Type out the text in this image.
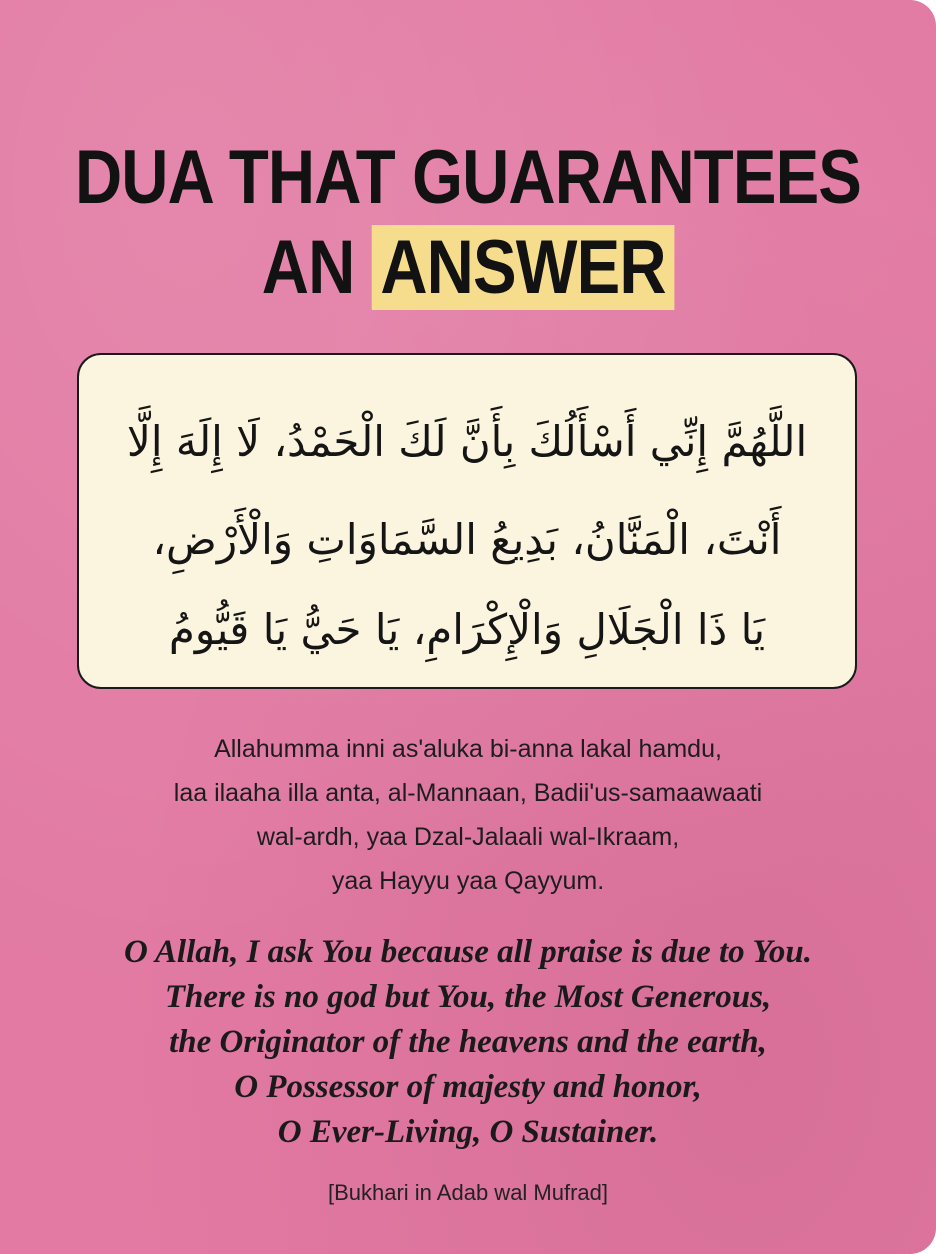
DUA THAT GUARANTEES
AN ANSWER

اللَّهُمَّ إِنِّي أَسْأَلُكَ بِأَنَّ لَكَ الْحَمْدُ، لَا إِلَهَ إِلَّا

أَنْتَ، الْمَنَّانُ، بَدِيعُ السَّمَاوَاتِ وَالْأَرْضِ،

يَا ذَا الْجَلَالِ وَالْإِكْرَامِ، يَا حَيُّ يَا قَيُّومُ

Allahumma inni as'aluka bi-anna lakal hamdu,

laa ilaaha illa anta, al-Mannaan, Badii'us-samaawaati

wal-ardh, yaa Dzal-Jalaali wal-Ikraam,

yaa Hayyu yaa Qayyum.

O Allah, I ask You because all praise is due to You.

There is no god but You, the Most Generous,

the Originator of the heavens and the earth,

O Possessor of majesty and honor,

O Ever-Living, O Sustainer.

[Bukhari in Adab wal Mufrad]
